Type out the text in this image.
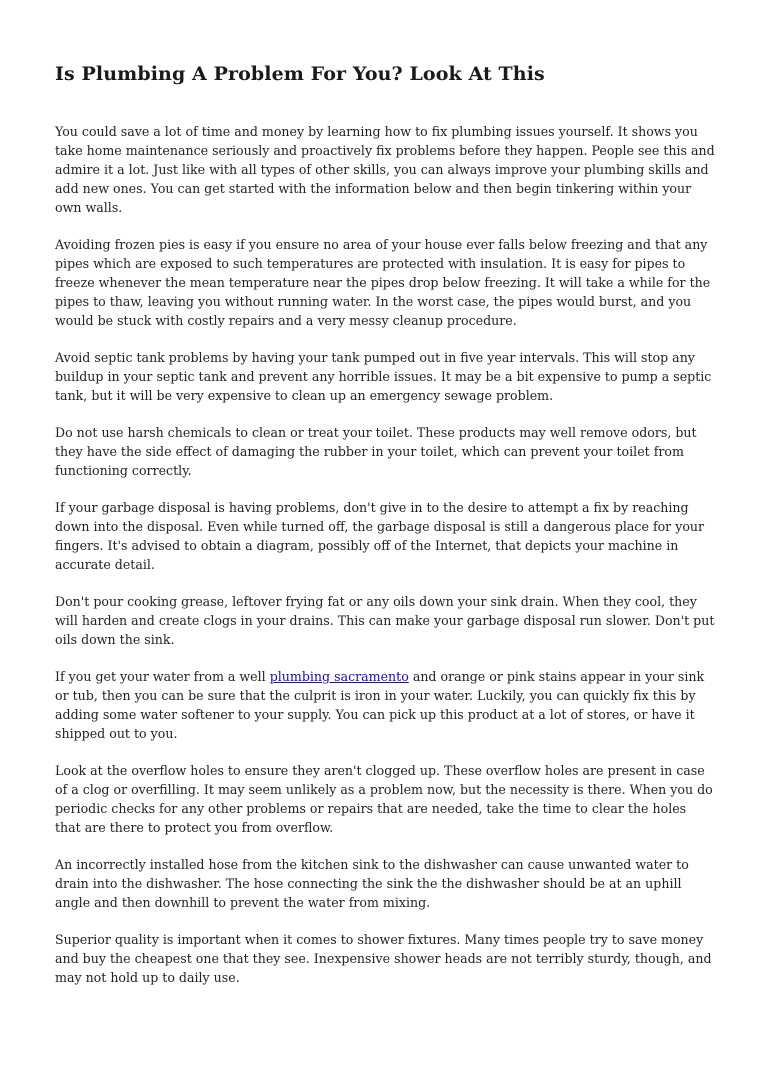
Is Plumbing A Problem For You? Look At This

You could save a lot of time and money by learning how to fix plumbing issues yourself. It shows you take home maintenance seriously and proactively fix problems before they happen. People see this and admire it a lot. Just like with all types of other skills, you can always improve your plumbing skills and add new ones. You can get started with the information below and then begin tinkering within your own walls.

Avoiding frozen pies is easy if you ensure no area of your house ever falls below freezing and that any pipes which are exposed to such temperatures are protected with insulation. It is easy for pipes to freeze whenever the mean temperature near the pipes drop below freezing. It will take a while for the pipes to thaw, leaving you without running water. In the worst case, the pipes would burst, and you would be stuck with costly repairs and a very messy cleanup procedure.

Avoid septic tank problems by having your tank pumped out in five year intervals. This will stop any buildup in your septic tank and prevent any horrible issues. It may be a bit expensive to pump a septic tank, but it will be very expensive to clean up an emergency sewage problem.

Do not use harsh chemicals to clean or treat your toilet. These products may well remove odors, but they have the side effect of damaging the rubber in your toilet, which can prevent your toilet from functioning correctly.

If your garbage disposal is having problems, don't give in to the desire to attempt a fix by reaching down into the disposal. Even while turned off, the garbage disposal is still a dangerous place for your fingers. It's advised to obtain a diagram, possibly off of the Internet, that depicts your machine in accurate detail.

Don't pour cooking grease, leftover frying fat or any oils down your sink drain. When they cool, they will harden and create clogs in your drains. This can make your garbage disposal run slower. Don't put oils down the sink.

If you get your water from a well plumbing sacramento and orange or pink stains appear in your sink or tub, then you can be sure that the culprit is iron in your water. Luckily, you can quickly fix this by adding some water softener to your supply. You can pick up this product at a lot of stores, or have it shipped out to you.

Look at the overflow holes to ensure they aren't clogged up. These overflow holes are present in case of a clog or overfilling. It may seem unlikely as a problem now, but the necessity is there. When you do periodic checks for any other problems or repairs that are needed, take the time to clear the holes that are there to protect you from overflow.

An incorrectly installed hose from the kitchen sink to the dishwasher can cause unwanted water to drain into the dishwasher. The hose connecting the sink the the dishwasher should be at an uphill angle and then downhill to prevent the water from mixing.

Superior quality is important when it comes to shower fixtures. Many times people try to save money and buy the cheapest one that they see. Inexpensive shower heads are not terribly sturdy, though, and may not hold up to daily use.
